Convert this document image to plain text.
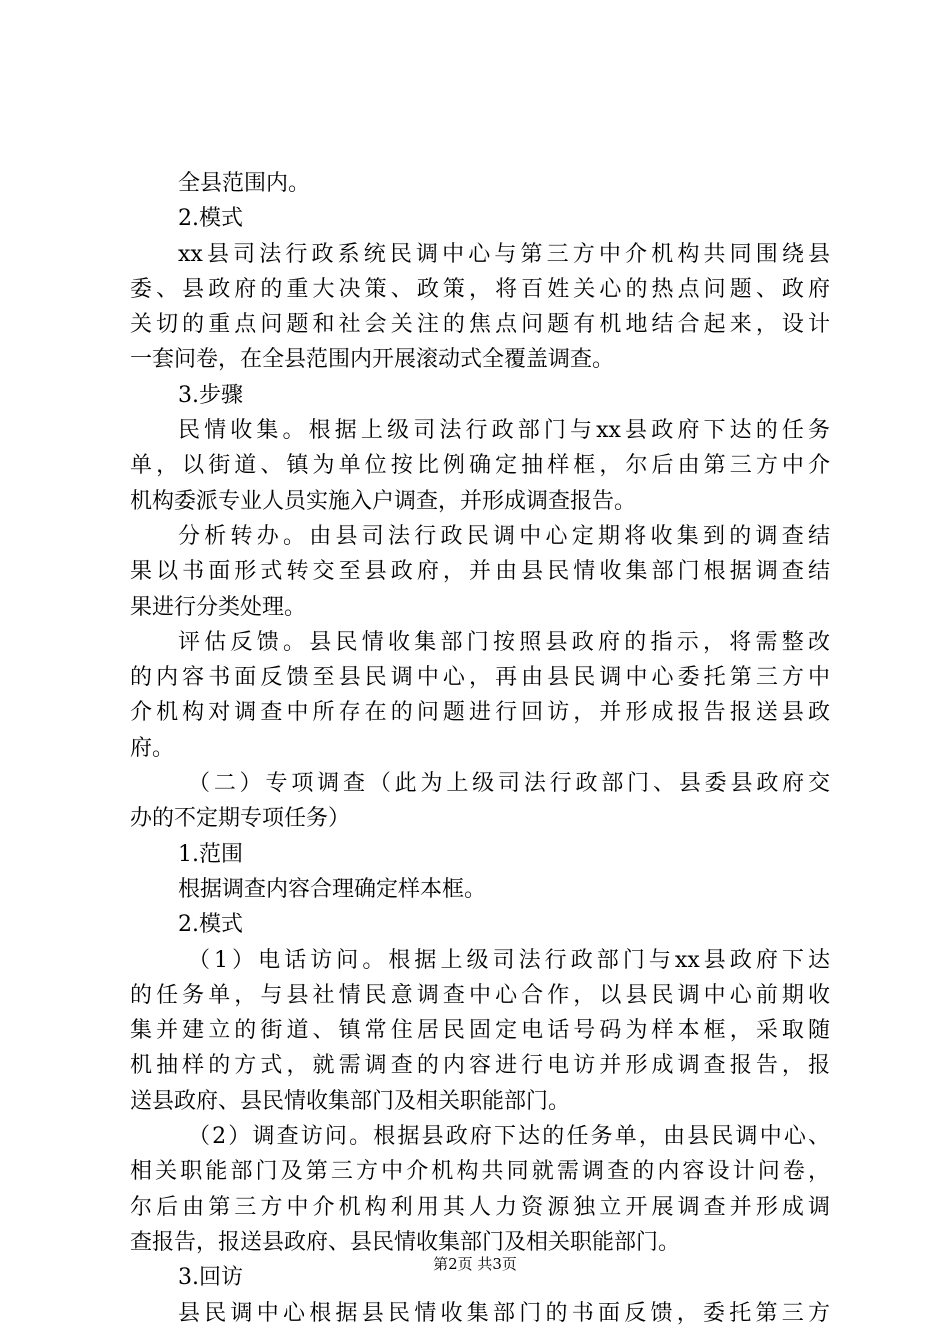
全县范围内。
2.模式
xx县司法行政系统民调中心与第三方中介机构共同围绕县
委、县政府的重大决策、政策，将百姓关心的热点问题、政府
关切的重点问题和社会关注的焦点问题有机地结合起来，设计
一套问卷，在全县范围内开展滚动式全覆盖调查。
3.步骤
民情收集。根据上级司法行政部门与xx县政府下达的任务
单，以街道、镇为单位按比例确定抽样框，尔后由第三方中介
机构委派专业人员实施入户调查，并形成调查报告。
分析转办。由县司法行政民调中心定期将收集到的调查结
果以书面形式转交至县政府，并由县民情收集部门根据调查结
果进行分类处理。
评估反馈。县民情收集部门按照县政府的指示，将需整改
的内容书面反馈至县民调中心，再由县民调中心委托第三方中
介机构对调查中所存在的问题进行回访，并形成报告报送县政
府。
（二）专项调查（此为上级司法行政部门、县委县政府交
办的不定期专项任务）
1.范围
根据调查内容合理确定样本框。
2.模式
（1）电话访问。根据上级司法行政部门与xx县政府下达
的任务单，与县社情民意调查中心合作，以县民调中心前期收
集并建立的街道、镇常住居民固定电话号码为样本框，采取随
机抽样的方式，就需调查的内容进行电访并形成调查报告，报
送县政府、县民情收集部门及相关职能部门。
（2）调查访问。根据县政府下达的任务单，由县民调中心、
相关职能部门及第三方中介机构共同就需调查的内容设计问卷，
尔后由第三方中介机构利用其人力资源独立开展调查并形成调
查报告，报送县政府、县民情收集部门及相关职能部门。
3.回访
县民调中心根据县民情收集部门的书面反馈，委托第三方
第2页 共3页
